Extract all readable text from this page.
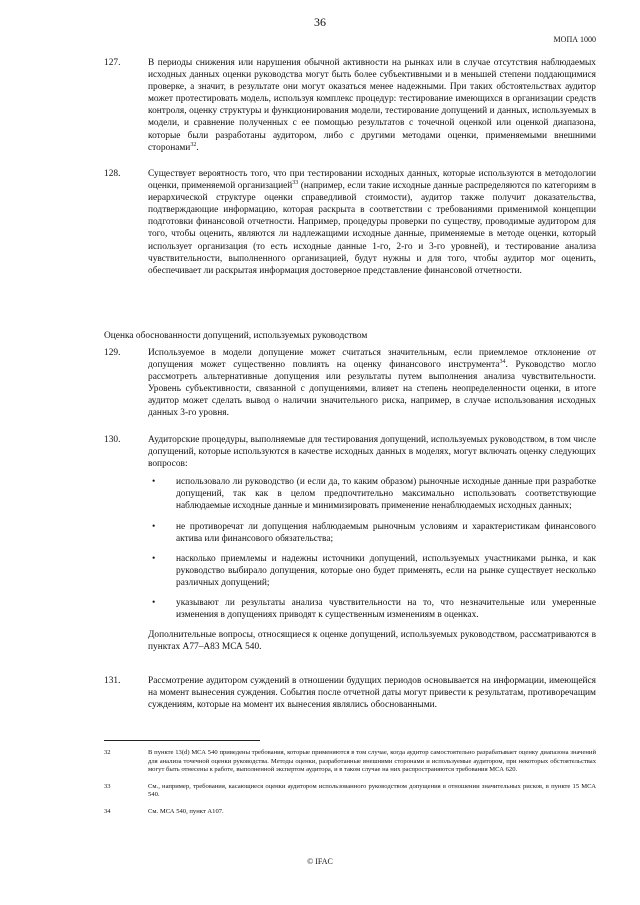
36
МОПА 1000
127.	В периоды снижения или нарушения обычной активности на рынках или в случае отсутствия наблюдаемых исходных данных оценки руководства могут быть более субъективными и в меньшей степени поддающимися проверке, а значит, в результате они могут оказаться менее надежными. При таких обстоятельствах аудитор может протестировать модель, используя комплекс процедур: тестирование имеющихся в организации средств контроля, оценку структуры и функционирования модели, тестирование допущений и данных, используемых в модели, и сравнение полученных с ее помощью результатов с точечной оценкой или оценкой диапазона, которые были разработаны аудитором, либо с другими методами оценки, применяемыми внешними сторонами$^{32}$.
128.	Существует вероятность того, что при тестировании исходных данных, которые используются в методологии оценки, применяемой организацией$^{33}$ (например, если такие исходные данные распределяются по категориям в иерархической структуре оценки справедливой стоимости), аудитор также получит доказательства, подтверждающие информацию, которая раскрыта в соответствии с требованиями применимой концепции подготовки финансовой отчетности. Например, процедуры проверки по существу, проводимые аудитором для того, чтобы оценить, являются ли надлежащими исходные данные, применяемые в методе оценки, который использует организация (то есть исходные данные 1-го, 2-го и 3-го уровней), и тестирование анализа чувствительности, выполненного организацией, будут нужны и для того, чтобы аудитор мог оценить, обеспечивает ли раскрытая информация достоверное представление финансовой отчетности.
Оценка обоснованности допущений, используемых руководством
129.	Используемое в модели допущение может считаться значительным, если приемлемое отклонение от допущения может существенно повлиять на оценку финансового инструмента$^{34}$. Руководство могло рассмотреть альтернативные допущения или результаты путем выполнения анализа чувствительности. Уровень субъективности, связанной с допущениями, влияет на степень неопределенности оценки, в итоге аудитор может сделать вывод о наличии значительного риска, например, в случае использования исходных данных 3-го уровня.
130.	Аудиторские процедуры, выполняемые для тестирования допущений, используемых руководством, в том числе допущений, которые используются в качестве исходных данных в моделях, могут включать оценку следующих вопросов:

• использовало ли руководство (и если да, то каким образом) рыночные исходные данные при разработке допущений, так как в целом предпочтительно максимально использовать соответствующие наблюдаемые исходные данные и минимизировать применение ненаблюдаемых исходных данных;
• не противоречат ли допущения наблюдаемым рыночным условиям и характеристикам финансового актива или финансового обязательства;
• насколько приемлемы и надежны источники допущений, используемых участниками рынка, и как руководство выбирало допущения, которые оно будет применять, если на рынке существует несколько различных допущений;
• указывают ли результаты анализа чувствительности на то, что незначительные или умеренные изменения в допущениях приводят к существенным изменениям в оценках.

Дополнительные вопросы, относящиеся к оценке допущений, используемых руководством, рассматриваются в пунктах A77–A83 МСА 540.

131.	Рассмотрение аудитором суждений в отношении будущих периодов основывается на информации, имеющейся на момент вынесения суждения. События после отчетной даты могут привести к результатам, противоречащим суждениям, которые на момент их вынесения являлись обоснованными.
32	В пункте 13(d) МСА 540 приведены требования, которые применяются в том случае, когда аудитор самостоятельно разрабатывает оценку диапазона значений для анализа точечной оценки руководства. Методы оценки, разработанные внешними сторонами и используемые аудитором, при некоторых обстоятельствах могут быть отнесены к работе, выполненной экспертом аудитора, и в таком случае на них распространяются требования МСА 620.
33	См., например, требования, касающиеся оценки аудитором использованного руководством допущения в отношении значительных рисков, в пункте 15 МСА 540.
34	См. МСА 540, пункт A107.
© IFAC
